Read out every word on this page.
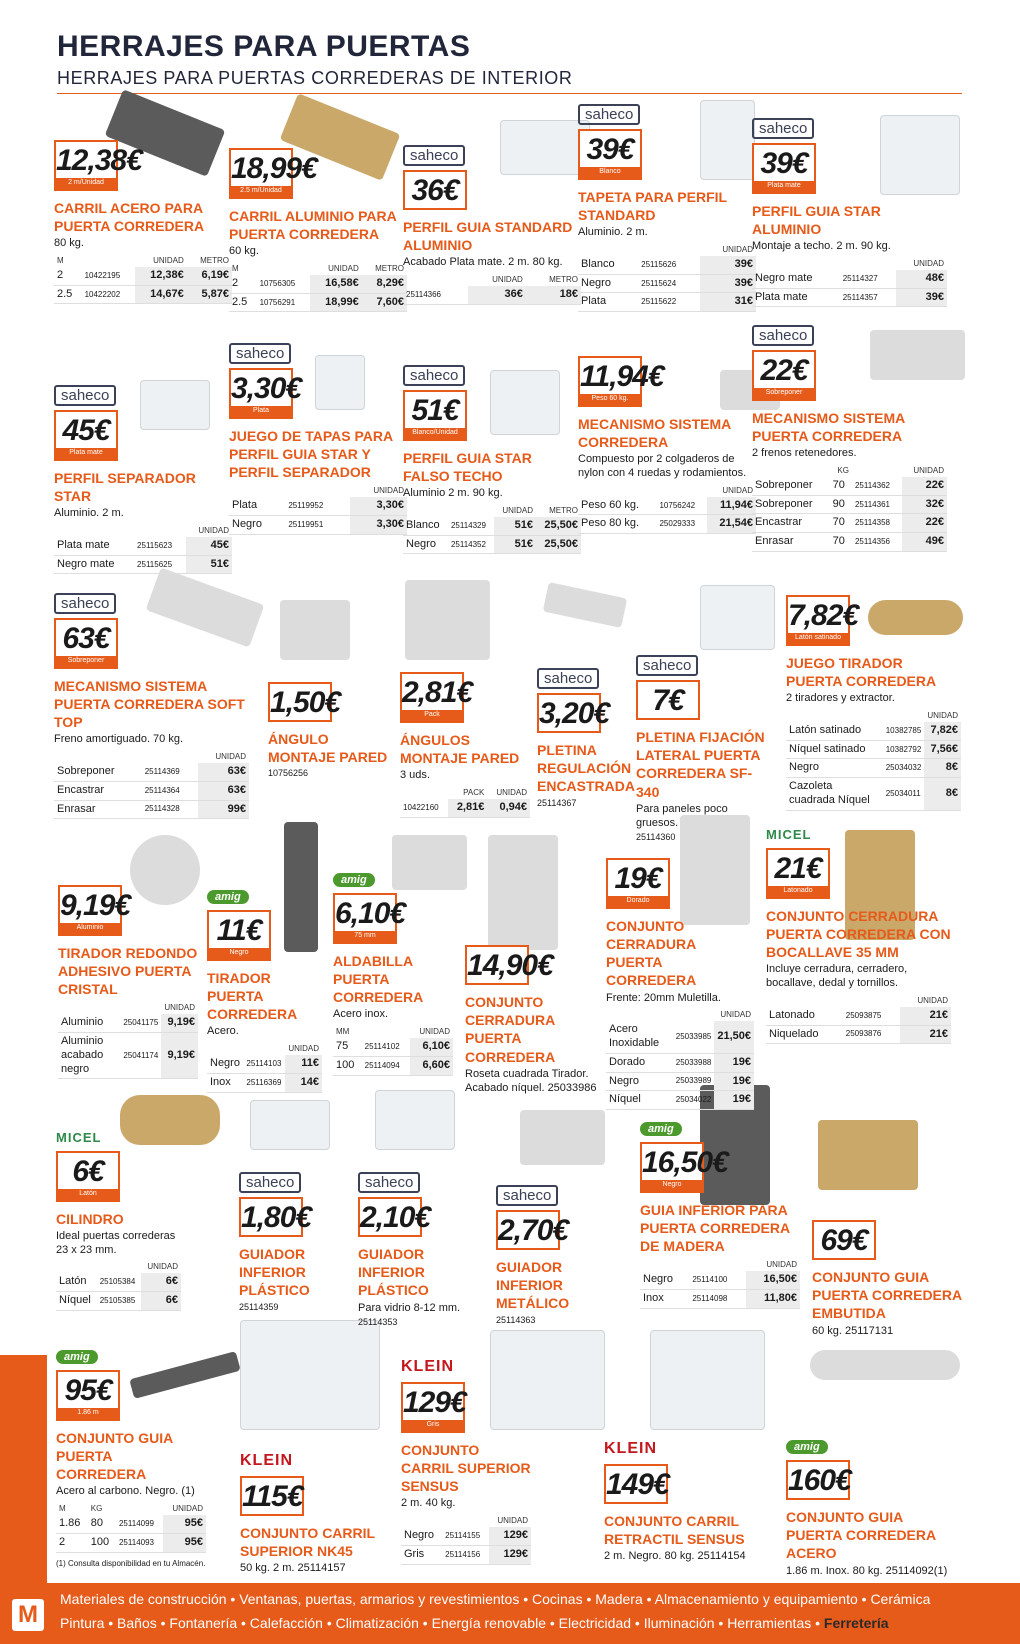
HERRAJES PARA PUERTAS
HERRAJES PARA PUERTAS CORREDERAS DE INTERIOR
FERRETERÍA
12,38€
2 m/Unidad
CARRIL ACERO PARA PUERTA CORREDERA
80 kg.
M		UNIDAD	METRO
2	10422195	12,38€	6,19€
2.5	10422202	14,67€	5,87€
18,99€
2.5 m/Unidad
CARRIL ALUMINIO PARA PUERTA CORREDERA
60 kg.
M		UNIDAD	METRO
2	10756305	16,58€	8,29€
2.5	10756291	18,99€	7,60€
saheco

36€
PERFIL GUIA STANDARD ALUMINIO
Acabado Plata mate. 2 m. 80 kg.
	UNIDAD	METRO
25114366	36€	18€
saheco

39€
Blanco
TAPETA PARA PERFIL STANDARD
Aluminio. 2 m.
		UNIDAD
Blanco	25115626	39€
Negro	25115624	39€
Plata	25115622	31€
saheco

39€
Plata mate
PERFIL GUIA STAR ALUMINIO
Montaje a techo. 2 m. 90 kg.
		UNIDAD
Negro mate	25114327	48€
Plata mate	25114357	39€
saheco

45€
Plata mate
PERFIL SEPARADOR STAR
Aluminio. 2 m.
		UNIDAD
Plata mate	25115623	45€
Negro mate	25115625	51€
saheco

3,30€
Plata
JUEGO DE TAPAS PARA PERFIL GUIA STAR Y PERFIL SEPARADOR
		UNIDAD
Plata	25119952	3,30€
Negro	25119951	3,30€
saheco

51€
Blanco/Unidad
PERFIL GUIA STAR FALSO TECHO
Aluminio 2 m. 90 kg.
		UNIDAD	METRO
Blanco	25114329	51€	25,50€
Negro	25114352	51€	25,50€
11,94€
Peso 60 kg.
MECANISMO SISTEMA CORREDERA
Compuesto por 2 colgaderos de nylon con 4 ruedas y rodamientos.
		UNIDAD
Peso 60 kg.	10756242	11,94€
Peso 80 kg.	25029333	21,54€
saheco

22€
Sobreponer
MECANISMO SISTEMA PUERTA CORREDERA
2 frenos retenedores.
	KG		UNIDAD
Sobreponer	70	25114362	22€
Sobreponer	90	25114361	32€
Encastrar	70	25114358	22€
Enrasar	70	25114356	49€
saheco

63€
Sobreponer
MECANISMO SISTEMA PUERTA CORREDERA SOFT TOP
Freno amortiguado. 70 kg.
		UNIDAD
Sobreponer	25114369	63€
Encastrar	25114364	63€
Enrasar	25114328	99€
1,50€
ÁNGULO MONTAJE PARED
10756256
2,81€
Pack
ÁNGULOS MONTAJE PARED
3 uds.
	PACK	UNIDAD
10422160	2,81€	0,94€
saheco

3,20€
PLETINA REGULACIÓN ENCASTRADA
25114367
saheco

7€
PLETINA FIJACIÓN LATERAL PUERTA CORREDERA SF-340
Para paneles poco gruesos.
25114360
7,82€
Latón satinado
JUEGO TIRADOR PUERTA CORREDERA
2 tiradores y extractor.
		UNIDAD
Latón satinado	10382785	7,82€
Níquel satinado	10382792	7,56€
Negro	25034032	8€
Cazoleta cuadrada Níquel	25034011	8€
9,19€
Aluminio
TIRADOR REDONDO ADHESIVO PUERTA CRISTAL
		UNIDAD
Aluminio	25041175	9,19€
Aluminio acabado negro	25041174	9,19€
amig

11€
Negro
TIRADOR PUERTA CORREDERA
Acero.
		UNIDAD
Negro	25114103	11€
Inox	25116369	14€
amig

6,10€
75 mm
ALDABILLA PUERTA CORREDERA
Acero inox.
MM		UNIDAD
75	25114102	6,10€
100	25114094	6,60€
14,90€
CONJUNTO CERRADURA PUERTA CORREDERA
Roseta cuadrada Tirador. Acabado níquel. 25033986
19€
Dorado
CONJUNTO CERRADURA PUERTA CORREDERA
Frente: 20mm Muletilla.
		UNIDAD
Acero Inoxidable	25033985	21,50€
Dorado	25033988	19€
Negro	25033989	19€
Níquel	25034022	19€
MICEL

21€
Latonado
CONJUNTO CERRADURA PUERTA CORREDERA CON BOCALLAVE 35 MM
Incluye cerradura, cerradero, bocallave, dedal y tornillos.
		UNIDAD
Latonado	25093875	21€
Niquelado	25093876	21€
MICEL

6€
Latón
CILINDRO
Ideal puertas correderas 23 x 23 mm.
		UNIDAD
Latón	25105384	6€
Níquel	25105385	6€
saheco

1,80€
GUIADOR INFERIOR PLÁSTICO
25114359
saheco

2,10€
GUIADOR INFERIOR PLÁSTICO
Para vidrio 8-12 mm.
25114353
saheco

2,70€
GUIADOR INFERIOR METÁLICO
25114363
amig

16,50€
Negro
GUIA INFERIOR PARA PUERTA CORREDERA DE MADERA
		UNIDAD
Negro	25114100	16,50€
Inox	25114098	11,80€
69€
CONJUNTO GUIA PUERTA CORREDERA EMBUTIDA
60 kg. 25117131
amig

95€
1.86 m
CONJUNTO GUIA PUERTA CORREDERA
Acero al carbono. Negro. (1)
M	KG		UNIDAD
1.86	80	25114099	95€
2	100	25114093	95€
(1) Consulta disponibilidad en tu Almacén.
KLEIN

115€
CONJUNTO CARRIL SUPERIOR NK45
50 kg. 2 m. 25114157
KLEIN

129€
Gris
CONJUNTO CARRIL SUPERIOR SENSUS
2 m. 40 kg.
		UNIDAD
Negro	25114155	129€
Gris	25114156	129€
KLEIN

149€
CONJUNTO CARRIL RETRACTIL SENSUS
2 m. Negro. 80 kg. 25114154
amig

160€
CONJUNTO GUIA PUERTA CORREDERA ACERO
1.86 m. Inox. 80 kg. 25114092(1)
M
Materiales de construcción • Ventanas, puertas, armarios y revestimientos • Cocinas • Madera • Almacenamiento y equipamiento • Cerámica
Pintura • Baños • Fontanería • Calefacción • Climatización • Energía renovable • Electricidad • Iluminación • Herramientas • Ferretería
